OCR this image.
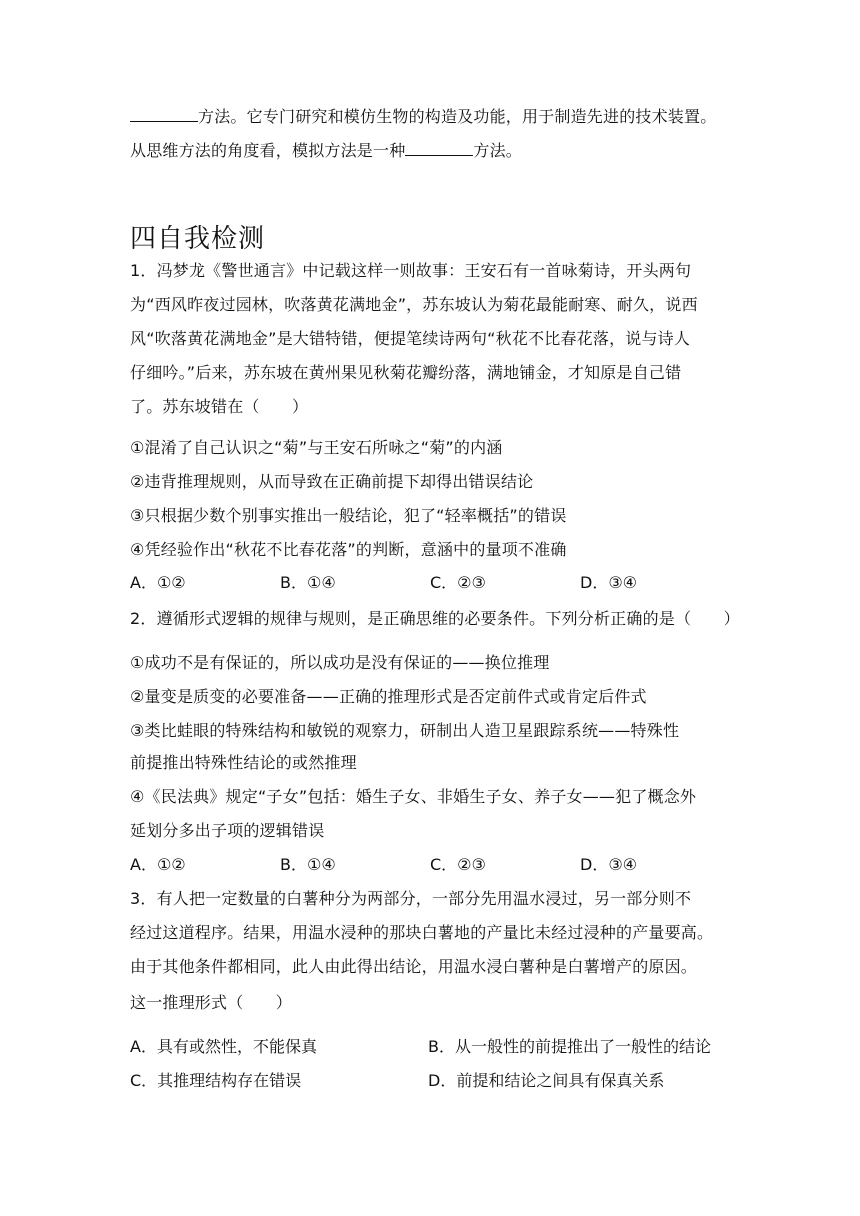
方法。它专门研究和模仿生物的构造及功能，用于制造先进的技术装置。
从思维方法的角度看，模拟方法是一种	方法。
四自我检测
1．冯梦龙《警世通言》中记载这样一则故事：王安石有一首咏菊诗，开头两句
为“西风昨夜过园林，吹落黄花满地金”，苏东坡认为菊花最能耐寒、耐久，说西
风“吹落黄花满地金”是大错特错，便提笔续诗两句“秋花不比春花落，说与诗人
仔细吟。”后来，苏东坡在黄州果见秋菊花瓣纷落，满地铺金，才知原是自己错
了。苏东坡错在（　　）
①混淆了自己认识之“菊”与王安石所咏之“菊”的内涵
②违背推理规则，从而导致在正确前提下却得出错误结论
③只根据少数个别事实推出一般结论，犯了“轻率概括”的错误
④凭经验作出“秋花不比春花落”的判断，意涵中的量项不准确
A．①②	B．①④	C．②③	D．③④
2．遵循形式逻辑的规律与规则，是正确思维的必要条件。下列分析正确的是（　　）
①成功不是有保证的，所以成功是没有保证的——换位推理
②量变是质变的必要准备——正确的推理形式是否定前件式或肯定后件式
③类比蛙眼的特殊结构和敏锐的观察力，研制出人造卫星跟踪系统——特殊性
前提推出特殊性结论的或然推理
④《民法典》规定“子女”包括：婚生子女、非婚生子女、养子女——犯了概念外
延划分多出子项的逻辑错误
A．①②	B．①④	C．②③	D．③④
3．有人把一定数量的白薯种分为两部分，一部分先用温水浸过，另一部分则不
经过这道程序。结果，用温水浸种的那块白薯地的产量比未经过浸种的产量要高。
由于其他条件都相同，此人由此得出结论，用温水浸白薯种是白薯增产的原因。
这一推理形式（　　）
A．具有或然性，不能保真	B．从一般性的前提推出了一般性的结论
C．其推理结构存在错误	D．前提和结论之间具有保真关系
